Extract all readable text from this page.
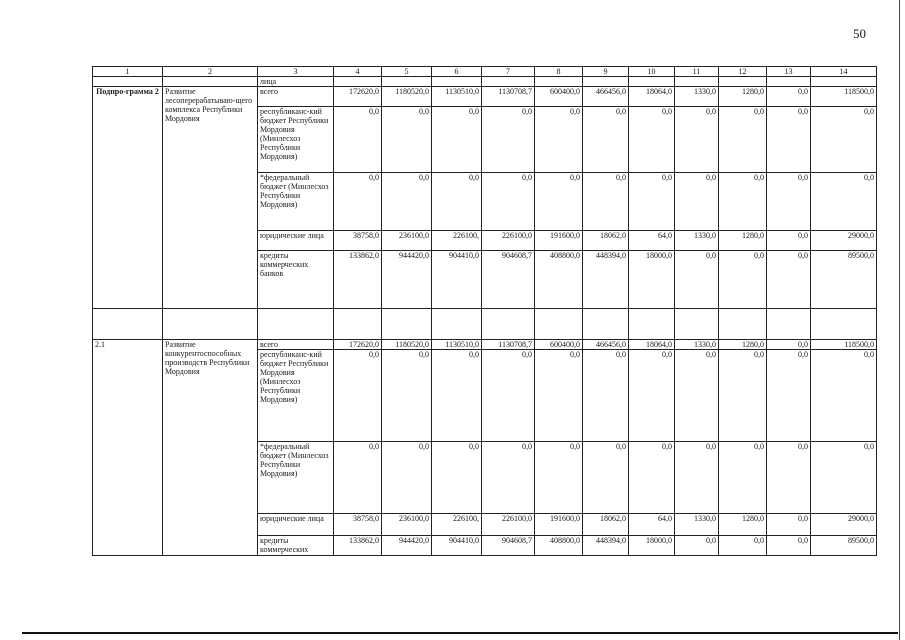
50
1	2	3	4	5	6	7	8	9	10	11	12	13	14
		лица											
Подпро-грамма 2	Развитие лесоперерабатываю-щего комплекса Республики Мордовия	всего	172620,0	1180520,0	1130510,0	1130708,7	600400,0	466456,0	18064,0	1330,0	1280,0	0,0	118500,0
		республиканс-кий бюджет Республики Мордовия (Минлесхоз Республики Мордовия)	0,0	0,0	0,0	0,0	0,0	0,0	0,0	0,0	0,0	0,0	0,0
		*федеральный бюджет (Минлесхоз Республики Мордовия)	0,0	0,0	0,0	0,0	0,0	0,0	0,0	0,0	0,0	0,0	0,0
		юридические лица	38758,0	236100,0	226100,	226100,0	191600,0	18062,0	64,0	1330,0	1280,0	0,0	29000,0
		кредиты коммерческих банков	133862,0	944420,0	904410,0	904608,7	408800,0	448394,0	18000,0	0,0	0,0	0,0	89500,0

2.1	Развитие конкурентоспособных производств Республики Мордовия	всего	172620,0	1180520,0	1130510,0	1130708,7	600400,0	466456,0	18064,0	1330,0	1280,0	0,0	118500,0
		республиканс-кий бюджет Республики Мордовия (Минлесхоз Республики Мордовия)	0,0	0,0	0,0	0,0	0,0	0,0	0,0	0,0	0,0	0,0	0,0
		*федеральный бюджет (Минлесхоз Республики Мордовия)	0,0	0,0	0,0	0,0	0,0	0,0	0,0	0,0	0,0	0,0	0,0
		юридические лица	38758,0	236100,0	226100,	226100,0	191600,0	18062,0	64,0	1330,0	1280,0	0,0	29000,0
		кредиты коммерческих	133862,0	944420,0	904410,0	904608,7	408800,0	448394,0	18000,0	0,0	0,0	0,0	89500,0
